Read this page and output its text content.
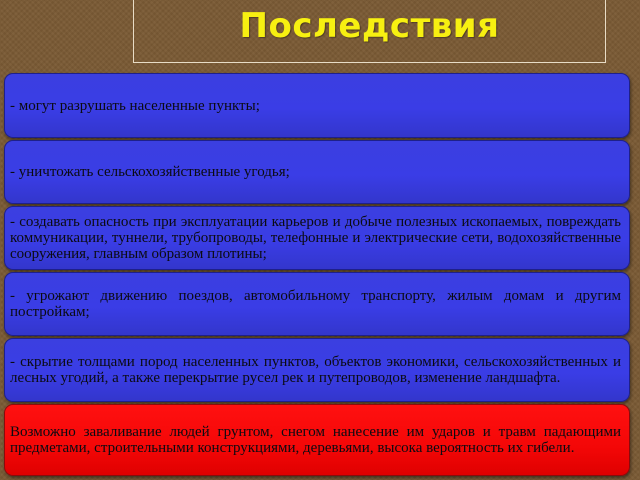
Последствия
- могут разрушать населенные пункты;
- уничтожать сельскохозяйственные угодья;
- создавать опасность при эксплуатации карьеров и добыче полезных ископаемых, повреждать коммуникации, туннели, трубопроводы, телефонные и электрические сети, водохозяйственные сооружения, главным образом плотины;
- угрожают движению поездов, автомобильному транспорту, жилым домам и другим постройкам;
- скрытие толщами пород населенных пунктов, объектов экономики, сельскохозяйственных и лесных угодий, а также перекрытие русел рек и путепроводов, изменение ландшафта.
Возможно заваливание людей грунтом, снегом нанесение им ударов и травм падающими предметами, строительными конструкциями, деревьями, высока вероятность их гибели.
